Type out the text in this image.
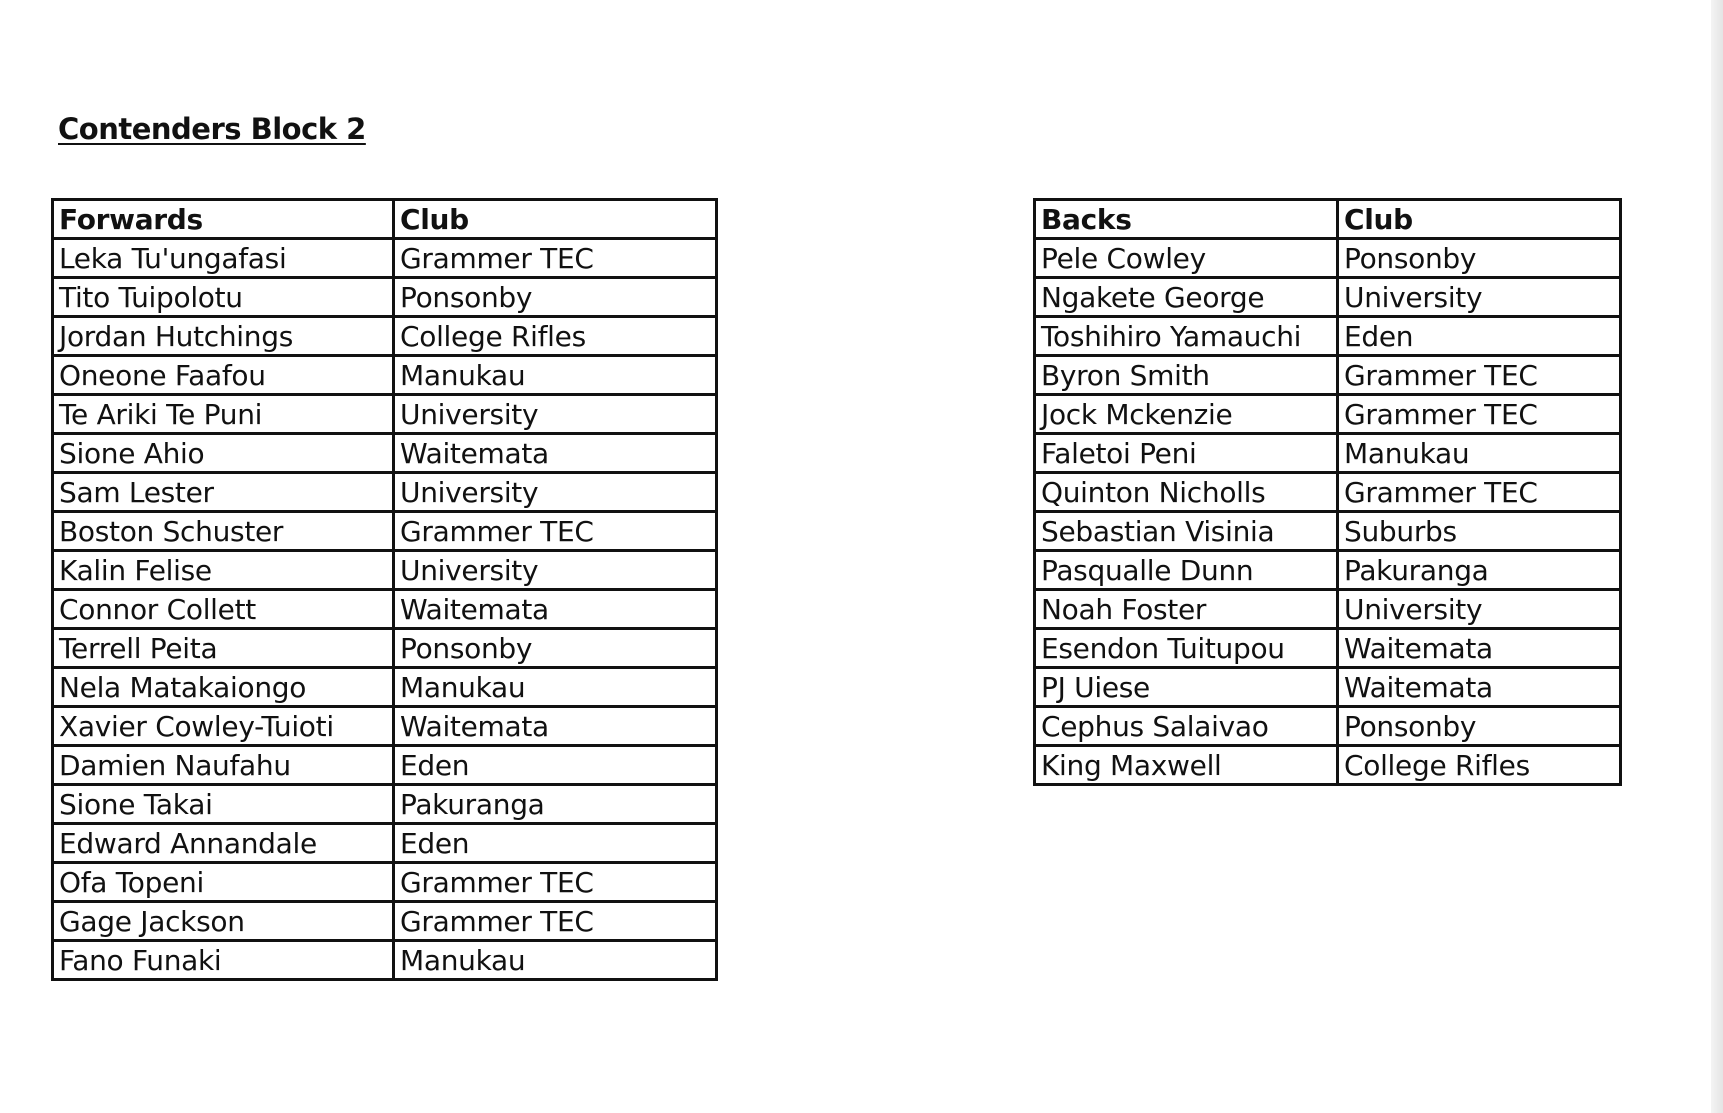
Contenders Block 2
Forwards	Club
Leka Tu'ungafasi	Grammer TEC
Tito Tuipolotu	Ponsonby
Jordan Hutchings	College Rifles
Oneone Faafou	Manukau
Te Ariki Te Puni	University
Sione Ahio	Waitemata
Sam Lester	University
Boston Schuster	Grammer TEC
Kalin Felise	University
Connor Collett	Waitemata
Terrell Peita	Ponsonby
Nela Matakaiongo	Manukau
Xavier Cowley-Tuioti	Waitemata
Damien Naufahu	Eden
Sione Takai	Pakuranga
Edward Annandale	Eden
Ofa Topeni	Grammer TEC
Gage Jackson	Grammer TEC
Fano Funaki	Manukau
Backs	Club
Pele Cowley	Ponsonby
Ngakete George	University
Toshihiro Yamauchi	Eden
Byron Smith	Grammer TEC
Jock Mckenzie	Grammer TEC
Faletoi Peni	Manukau
Quinton Nicholls	Grammer TEC
Sebastian Visinia	Suburbs
Pasqualle Dunn	Pakuranga
Noah Foster	University
Esendon Tuitupou	Waitemata
PJ Uiese	Waitemata
Cephus Salaivao	Ponsonby
King Maxwell	College Rifles
